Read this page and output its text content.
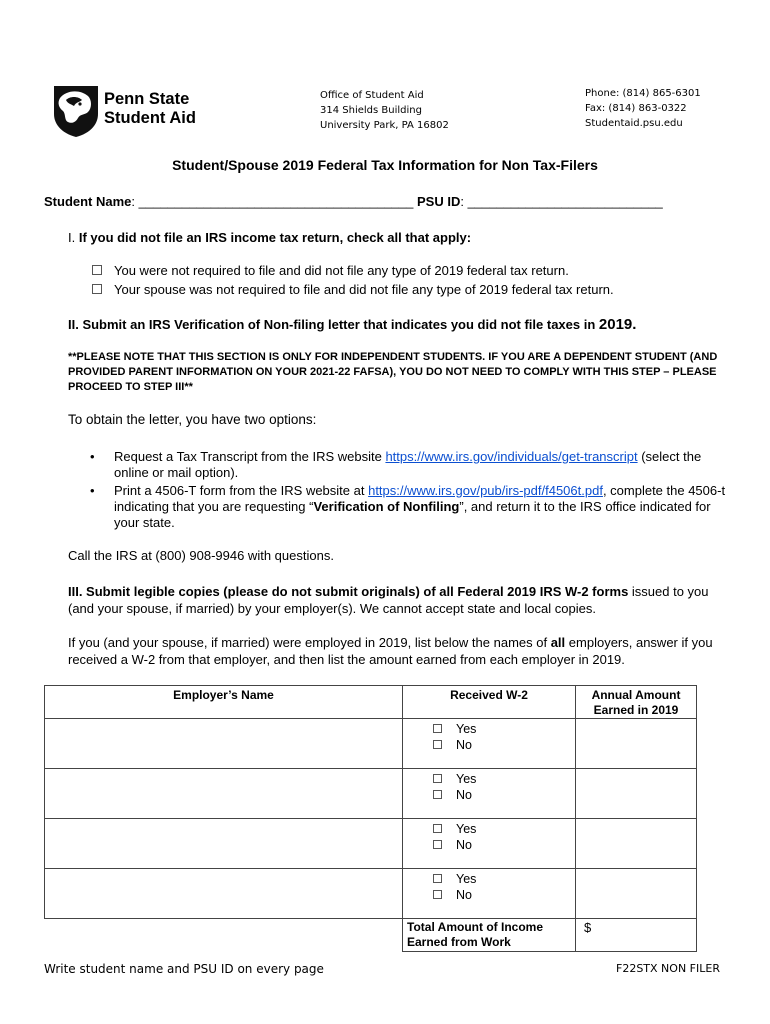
Penn State
Student Aid
Office of Student Aid
314 Shields Building
University Park, PA 16802
Phone: (814) 865-6301
Fax: (814) 863-0322
Studentaid.psu.edu
Student/Spouse 2019 Federal Tax Information for Non Tax-Filers
Student Name: ______________________________________ PSU ID: ___________________________
I. If you did not file an IRS income tax return, check all that apply:
You were not required to file and did not file any type of 2019 federal tax return.
Your spouse was not required to file and did not file any type of 2019 federal tax return.
II. Submit an IRS Verification of Non-filing letter that indicates you did not file taxes in 2019.
**PLEASE NOTE THAT THIS SECTION IS ONLY FOR INDEPENDENT STUDENTS. IF YOU ARE A DEPENDENT STUDENT (AND PROVIDED PARENT INFORMATION ON YOUR 2021-22 FAFSA), YOU DO NOT NEED TO COMPLY WITH THIS STEP – PLEASE PROCEED TO STEP III**
To obtain the letter, you have two options:
• Request a Tax Transcript from the IRS website https://www.irs.gov/individuals/get-transcript (select the online or mail option).
• Print a 4506-T form from the IRS website at https://www.irs.gov/pub/irs-pdf/f4506t.pdf, complete the 4506-t indicating that you are requesting “Verification of Nonfiling”, and return it to the IRS office indicated for your state.
Call the IRS at (800) 908-9946 with questions.
III. Submit legible copies (please do not submit originals) of all Federal 2019 IRS W-2 forms issued to you (and your spouse, if married) by your employer(s). We cannot accept state and local copies.
If you (and your spouse, if married) were employed in 2019, list below the names of all employers, answer if you received a W-2 from that employer, and then list the amount earned from each employer in 2019.
Employer’s Name	Received W-2	Annual Amount Earned in 2019

	Yes
No	

	Yes
No	

	Yes
No	

	Yes
No	

	Total Amount of Income Earned from Work	$
Write student name and PSU ID on every page	F22STX NON FILER
